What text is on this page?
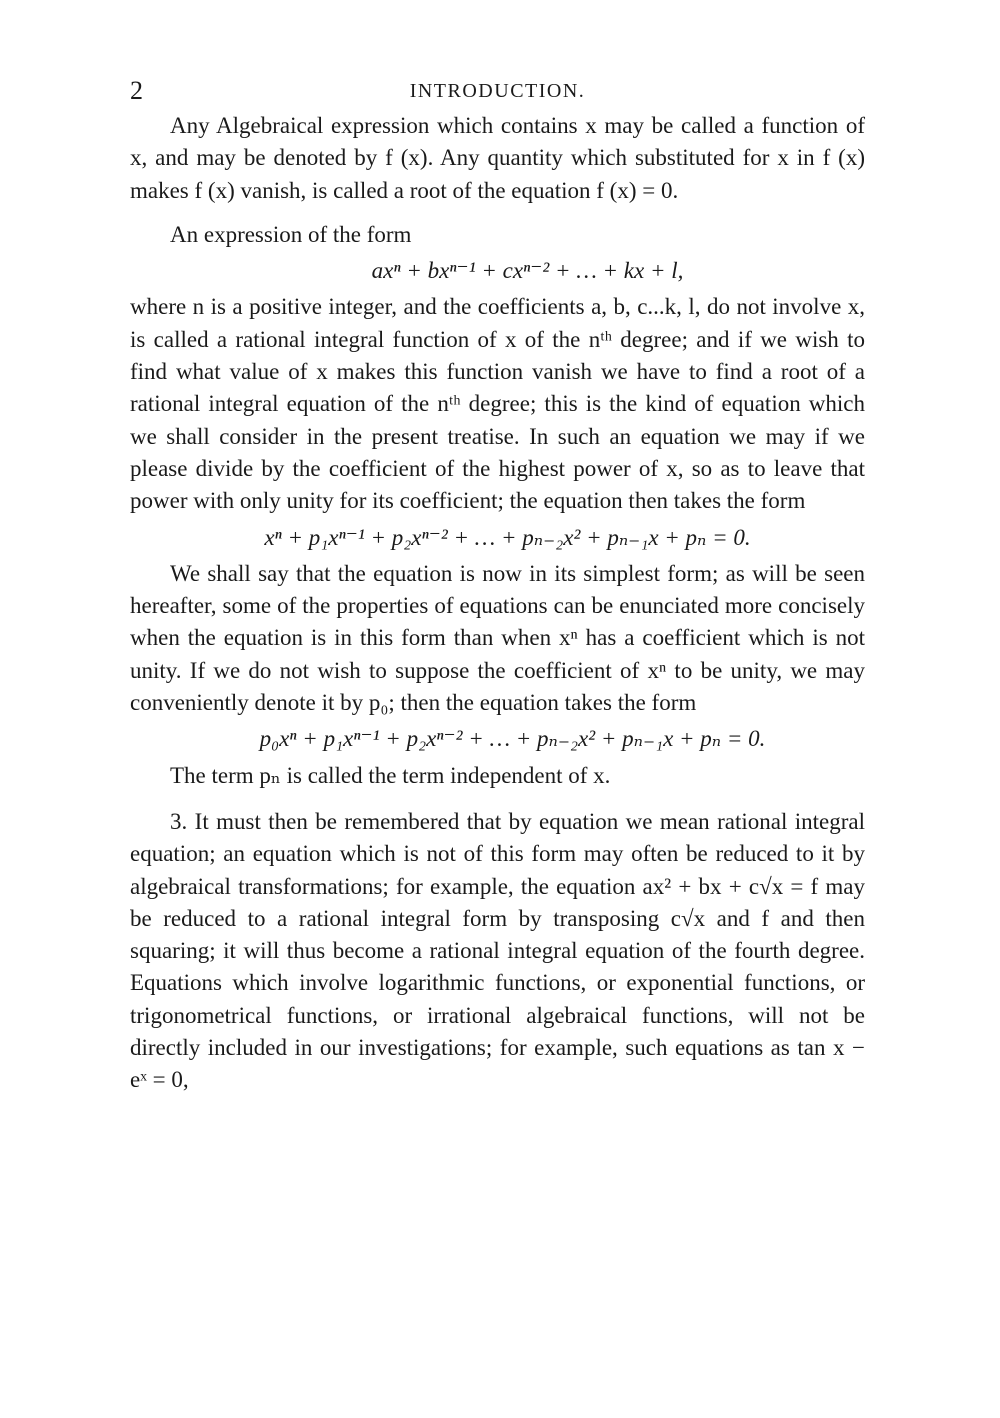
2	INTRODUCTION.

Any Algebraical expression which contains x may be called a function of x, and may be denoted by f (x). Any quantity which substituted for x in f (x) makes f (x) vanish, is called a root of the equation f (x) = 0.

An expression of the form

axⁿ + bxⁿ⁻¹ + cxⁿ⁻² + … + kx + l,

where n is a positive integer, and the coefficients a, b, c...k, l, do not involve x, is called a rational integral function of x of the nᵗʰ degree; and if we wish to find what value of x makes this function vanish we have to find a root of a rational integral equation of the nᵗʰ degree; this is the kind of equation which we shall consider in the present treatise. In such an equation we may if we please divide by the coefficient of the highest power of x, so as to leave that power with only unity for its coefficient; the equation then takes the form

xⁿ + p₁xⁿ⁻¹ + p₂xⁿ⁻² + … + pₙ₋₂x² + pₙ₋₁x + pₙ = 0.

We shall say that the equation is now in its simplest form; as will be seen hereafter, some of the properties of equations can be enunciated more concisely when the equation is in this form than when xⁿ has a coefficient which is not unity. If we do not wish to suppose the coefficient of xⁿ to be unity, we may conveniently denote it by p₀; then the equation takes the form

p₀xⁿ + p₁xⁿ⁻¹ + p₂xⁿ⁻² + … + pₙ₋₂x² + pₙ₋₁x + pₙ = 0.

The term pₙ is called the term independent of x.

3. It must then be remembered that by equation we mean rational integral equation; an equation which is not of this form may often be reduced to it by algebraical transformations; for example, the equation ax² + bx + c√x = f may be reduced to a rational integral form by transposing c√x and f and then squaring; it will thus become a rational integral equation of the fourth degree. Equations which involve logarithmic functions, or exponential functions, or trigonometrical functions, or irrational algebraical functions, will not be directly included in our investigations; for example, such equations as tan x − eˣ = 0,
